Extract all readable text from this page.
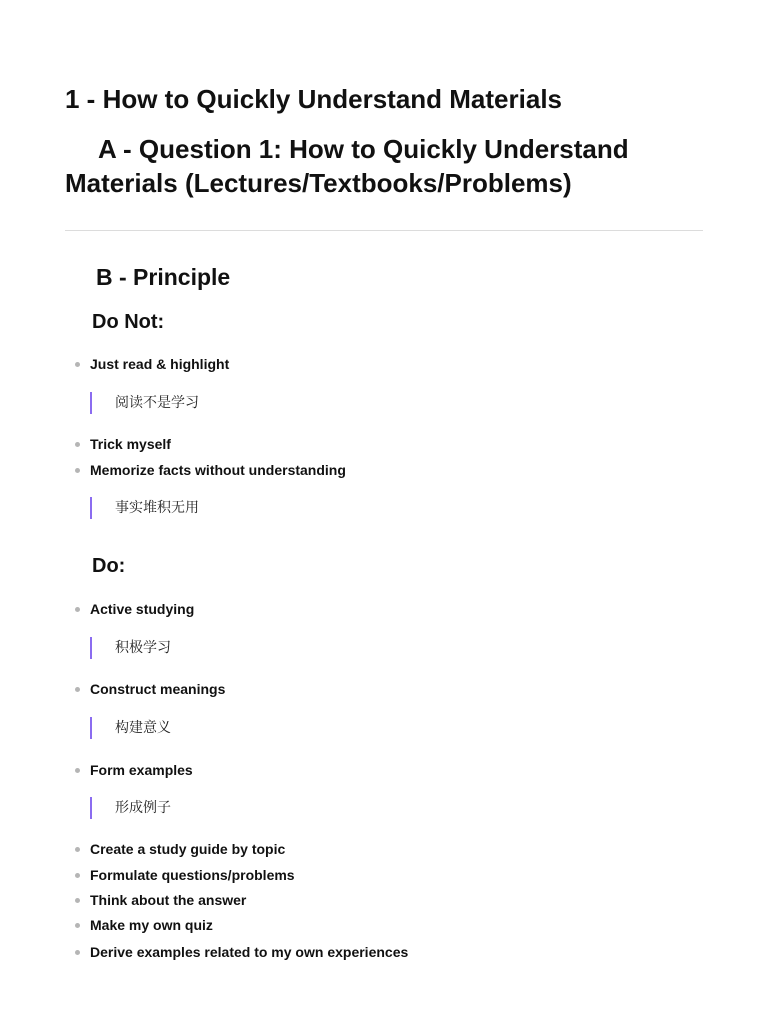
1 - How to Quickly Understand Materials
A - Question 1: How to Quickly Understand Materials (Lectures/Textbooks/Problems)
B - Principle
Do Not:
Just read & highlight
阅读不是学习
Trick myself
Memorize facts without understanding
事实堆积无用
Do:
Active studying
积极学习
Construct meanings
构建意义
Form examples
形成例子
Create a study guide by topic
Formulate questions/problems
Think about the answer
Make my own quiz
Derive examples related to my own experiences
